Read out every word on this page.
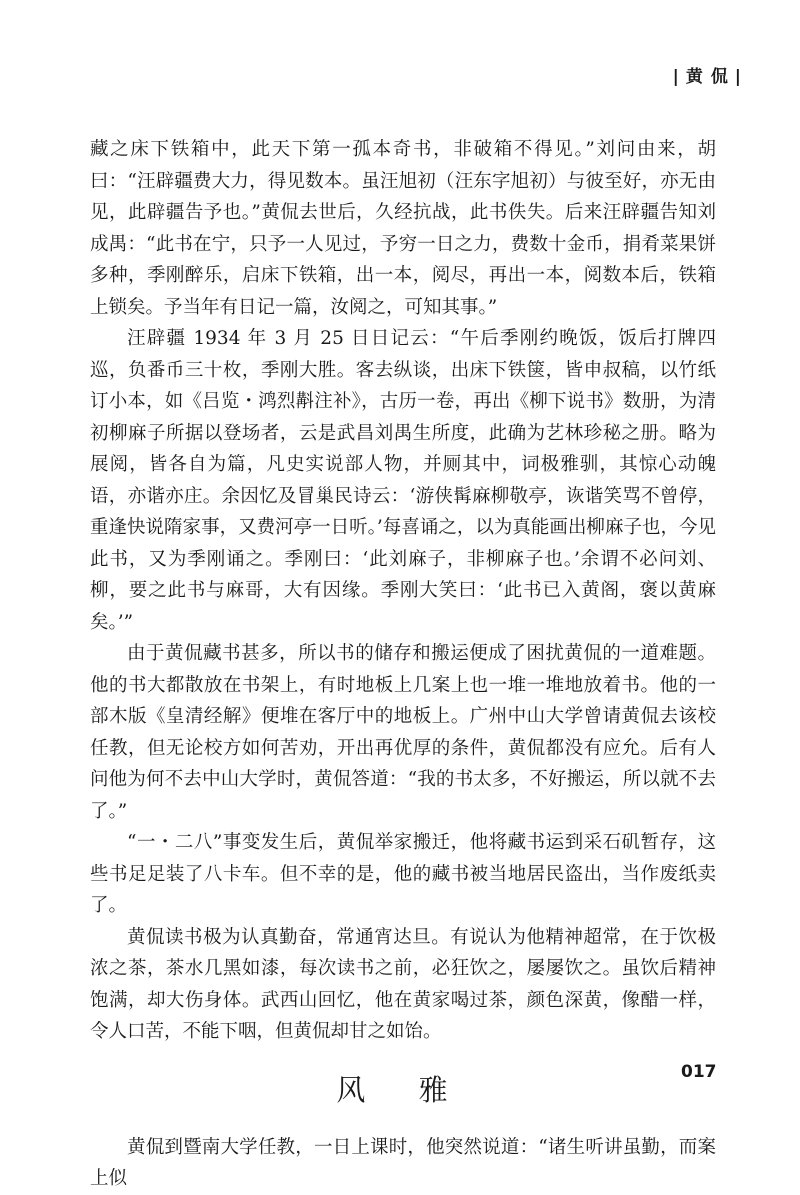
| 黄 侃 |

藏之床下铁箱中，此天下第一孤本奇书，非破箱不得见。”刘问由来，胡曰：“汪辟疆费大力，得见数本。虽汪旭初（汪东字旭初）与彼至好，亦无由见，此辟疆告予也。”黄侃去世后，久经抗战，此书佚失。后来汪辟疆告知刘成禺：“此书在宁，只予一人见过，予穷一日之力，费数十金币，捐肴菜果饼多种，季刚醉乐，启床下铁箱，出一本，阅尽，再出一本，阅数本后，铁箱上锁矣。予当年有日记一篇，汝阅之，可知其事。”

汪辟疆 1934 年 3 月 25 日日记云：“午后季刚约晚饭，饭后打牌四巡，负番币三十枚，季刚大胜。客去纵谈，出床下铁箧，皆申叔稿，以竹纸订小本，如《吕览・鸿烈斠注补》，古历一卷，再出《柳下说书》数册，为清初柳麻子所据以登场者，云是武昌刘禺生所度，此确为艺林珍秘之册。略为展阅，皆各自为篇，凡史实说部人物，并厕其中，词极雅驯，其惊心动魄语，亦谐亦庄。余因忆及冒巢民诗云：‘游侠髯麻柳敬亭，诙谐笑骂不曾停，重逢快说隋家事，又费河亭一日听。’每喜诵之，以为真能画出柳麻子也，今见此书，又为季刚诵之。季刚曰：‘此刘麻子，非柳麻子也。’余谓不必问刘、柳，要之此书与麻哥，大有因缘。季刚大笑曰：‘此书已入黄阁，褒以黄麻矣。’”

由于黄侃藏书甚多，所以书的储存和搬运便成了困扰黄侃的一道难题。他的书大都散放在书架上，有时地板上几案上也一堆一堆地放着书。他的一部木版《皇清经解》便堆在客厅中的地板上。广州中山大学曾请黄侃去该校任教，但无论校方如何苦劝，开出再优厚的条件，黄侃都没有应允。后有人问他为何不去中山大学时，黄侃答道：“我的书太多，不好搬运，所以就不去了。”

“一・二八”事变发生后，黄侃举家搬迁，他将藏书运到采石矶暂存，这些书足足装了八卡车。但不幸的是，他的藏书被当地居民盗出，当作废纸卖了。

黄侃读书极为认真勤奋，常通宵达旦。有说认为他精神超常，在于饮极浓之茶，茶水几黑如漆，每次读书之前，必狂饮之，屡屡饮之。虽饮后精神饱满，却大伤身体。武西山回忆，他在黄家喝过茶，颜色深黄，像醋一样，令人口苦，不能下咽，但黄侃却甘之如饴。

风 雅

黄侃到暨南大学任教，一日上课时，他突然说道：“诸生听讲虽勤，而案上似

017
